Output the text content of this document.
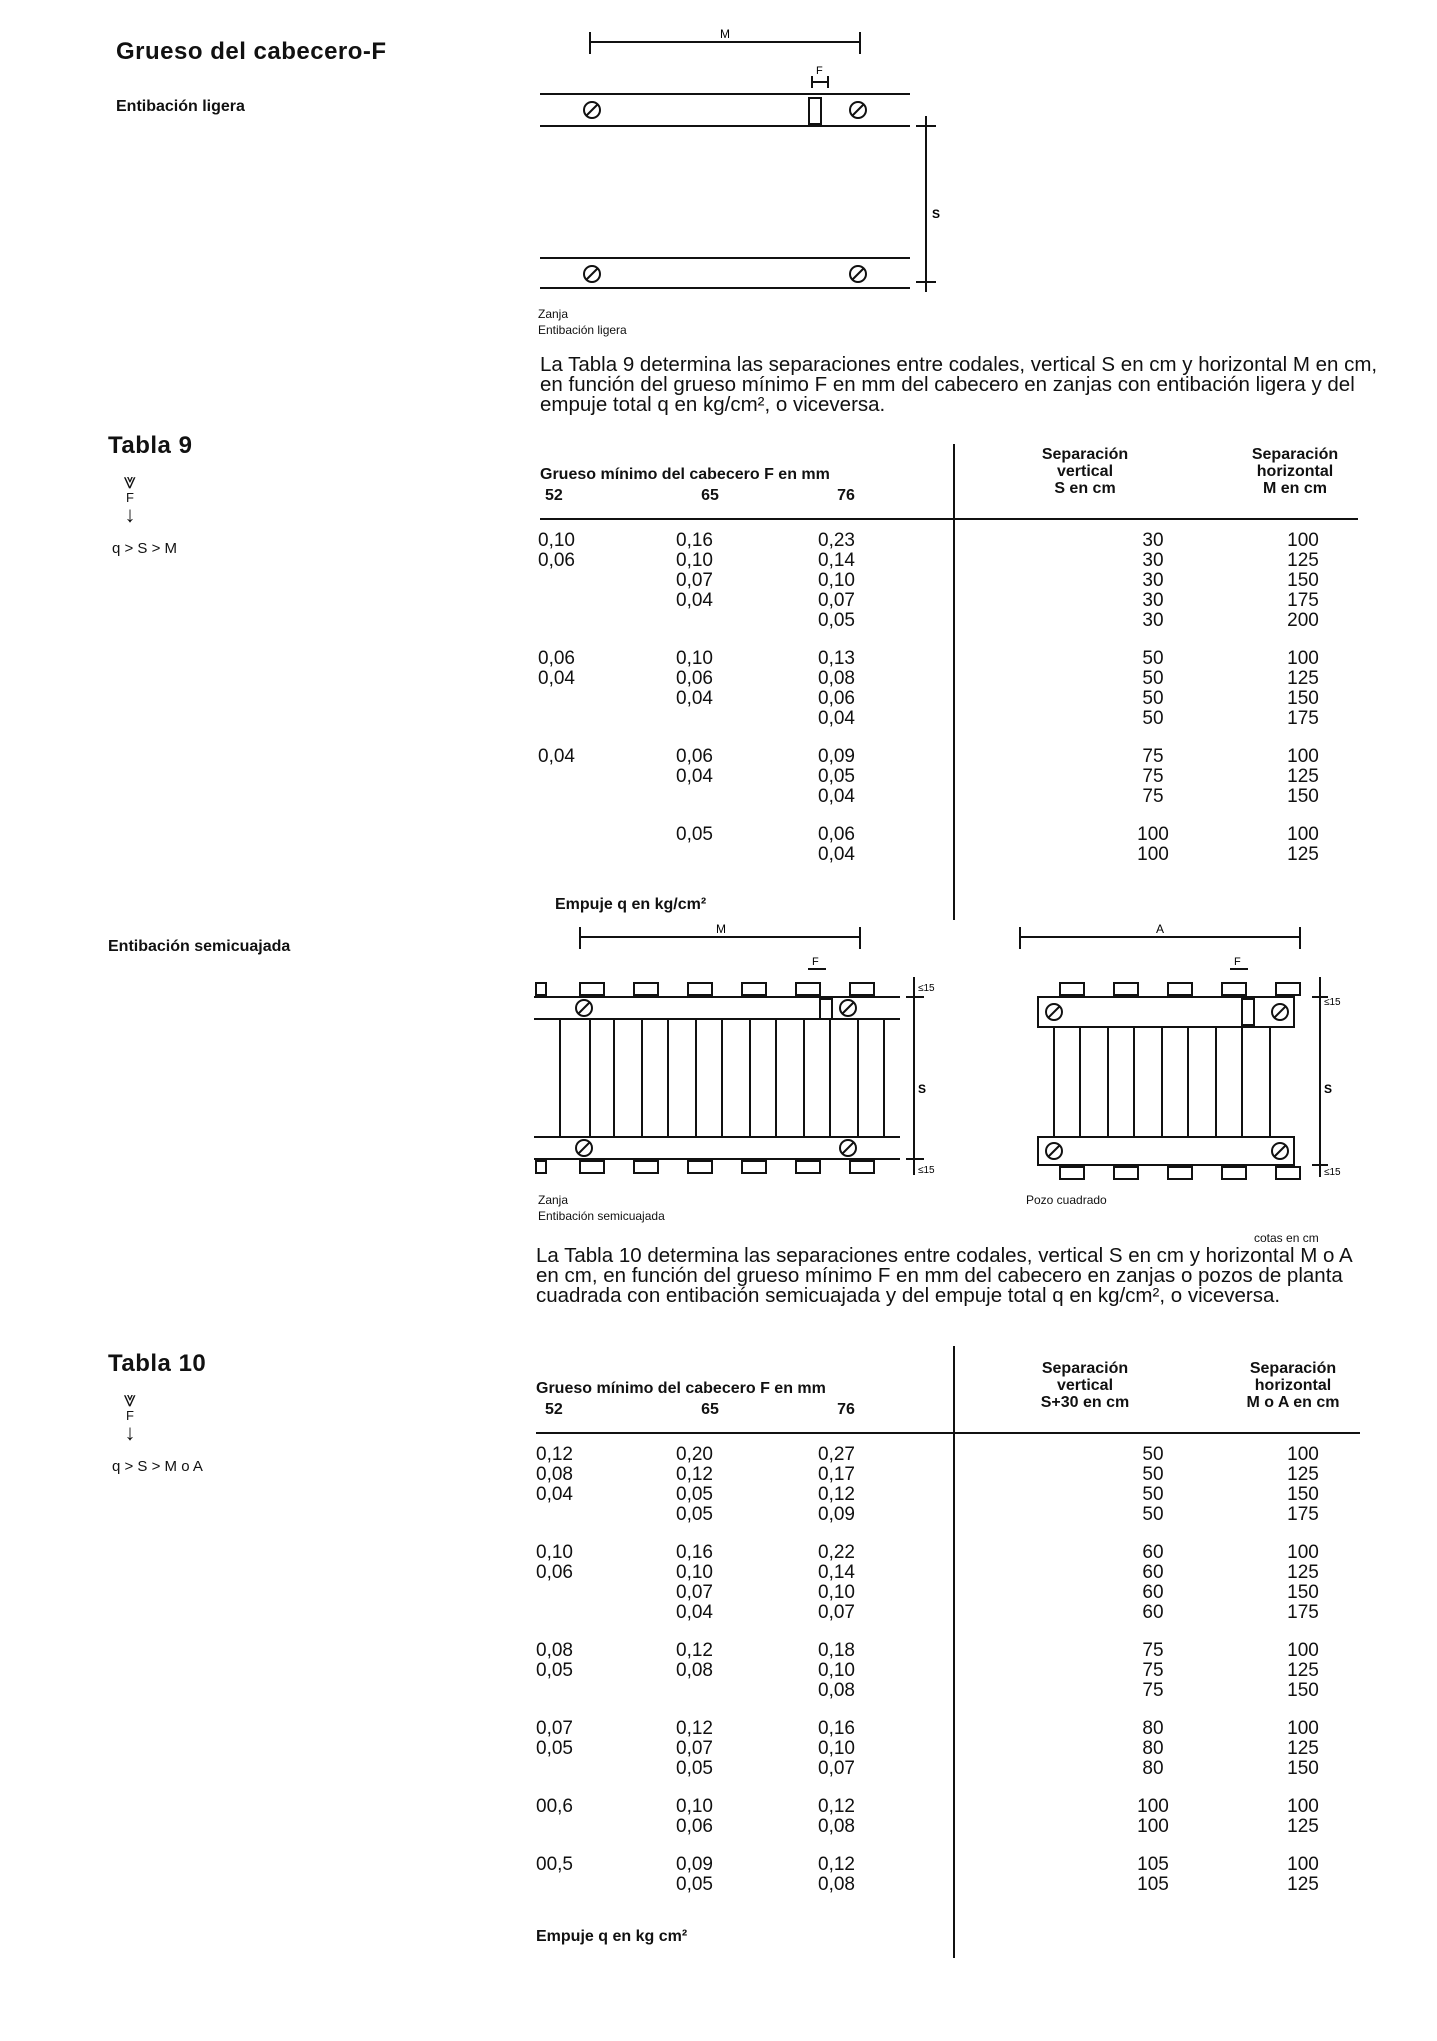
Grueso del cabecero-F
Entibación ligera
Tabla 9
⩔
F
↓
q > S > M
Entibación semicuajada
Tabla 10
⩔
F
↓
q > S > M o A
M
F
S
Zanja
Entibación ligera
La Tabla 9 determina las separaciones entre codales, vertical S en cm y horizontal M en cm, en función del grueso mínimo F en mm del cabecero en zanjas con entibación ligera y del empuje total q en kg/cm², o viceversa.
Grueso mínimo del cabecero F en mm
52	65	76
Separación vertical
S en cm
Separación horizontal
M en cm
0,10	0,16	0,23	30	100
0,06	0,10	0,14	30	125
	0,07	0,10	30	150
	0,04	0,07	30	175
		0,05	30	200

0,06	0,10	0,13	50	100
0,04	0,06	0,08	50	125
	0,04	0,06	50	150
		0,04	50	175

0,04	0,06	0,09	75	100
	0,04	0,05	75	125
		0,04	75	150

	0,05	0,06	100	100
		0,04	100	125
Empuje q en kg/cm²
M	A
F	F
S	S
≤15
≤15
≤15
≤15
Zanja
Entibación semicuajada
Pozo cuadrado
cotas en cm
La Tabla 10 determina las separaciones entre codales, vertical S en cm y horizontal M o A en cm, en función del grueso mínimo F en mm del cabecero en zanjas o pozos de planta cuadrada con entibación semicuajada y del empuje total q en kg/cm², o viceversa.
Grueso mínimo del cabecero F en mm
52	65	76
Separación vertical
S+30 en cm
Separación horizontal
M o A en cm
0,12	0,20	0,27	50	100
0,08	0,12	0,17	50	125
0,04	0,05	0,12	50	150
	0,05	0,09	50	175

0,10	0,16	0,22	60	100
0,06	0,10	0,14	60	125
	0,07	0,10	60	150
	0,04	0,07	60	175

0,08	0,12	0,18	75	100
0,05	0,08	0,10	75	125
		0,08	75	150

0,07	0,12	0,16	80	100
0,05	0,07	0,10	80	125
	0,05	0,07	80	150

00,6	0,10	0,12	100	100
	0,06	0,08	100	125

00,5	0,09	0,12	105	100
	0,05	0,08	105	125
Empuje q en kg cm²
